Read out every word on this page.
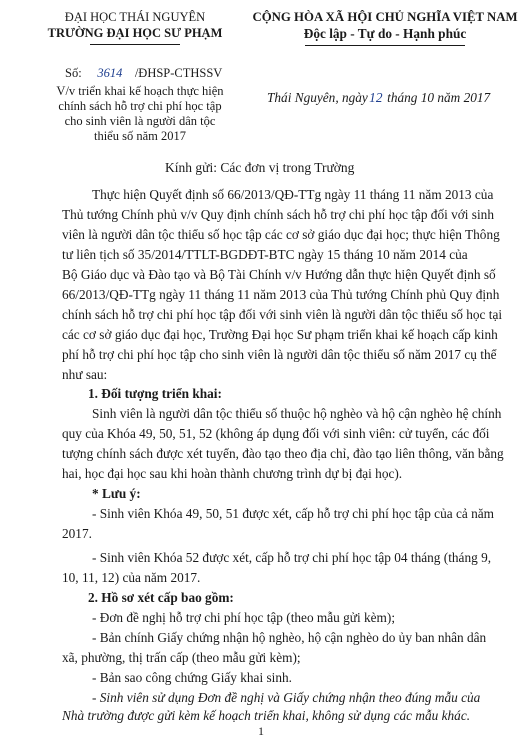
ĐẠI HỌC THÁI NGUYÊN
TRƯỜNG ĐẠI HỌC SƯ PHẠM
CỘNG HÒA XÃ HỘI CHỦ NGHĨA VIỆT NAM
Độc lập - Tự do - Hạnh phúc
Số: 3614 /ĐHSP-CTHSSV
V/v triển khai kế hoạch thực hiện
chính sách hỗ trợ chi phí học tập
cho sinh viên là người dân tộc
thiểu số năm 2017
Thái Nguyên, ngày12 tháng 10 năm 2017
Kính gửi: Các đơn vị trong Trường
Thực hiện Quyết định số 66/2013/QĐ-TTg ngày 11 tháng 11 năm 2013 của
Thủ tướng Chính phủ v/v Quy định chính sách hỗ trợ chi phí học tập đối với sinh
viên là người dân tộc thiểu số học tập các cơ sở giáo dục đại học; thực hiện Thông
tư liên tịch số 35/2014/TTLT-BGDĐT-BTC ngày 15 tháng 10 năm 2014 của
Bộ Giáo dục và Đào tạo và Bộ Tài Chính v/v Hướng dẫn thực hiện Quyết định số
66/2013/QĐ-TTg ngày 11 tháng 11 năm 2013 của Thủ tướng Chính phủ Quy định
chính sách hỗ trợ chi phí học tập đối với sinh viên là người dân tộc thiểu số học tại
các cơ sở giáo dục đại học, Trường Đại học Sư phạm triển khai kế hoạch cấp kinh
phí hỗ trợ chi phí học tập cho sinh viên là người dân tộc thiểu số năm 2017 cụ thể
như sau:
1. Đối tượng triển khai:
Sinh viên là người dân tộc thiểu số thuộc hộ nghèo và hộ cận nghèo hệ chính
quy của Khóa 49, 50, 51, 52 (không áp dụng đối với sinh viên: cử tuyển, các đối
tượng chính sách được xét tuyển, đào tạo theo địa chỉ, đào tạo liên thông, văn bằng
hai, học đại học sau khi hoàn thành chương trình dự bị đại học).
* Lưu ý:
- Sinh viên Khóa 49, 50, 51 được xét, cấp hỗ trợ chi phí học tập của cả năm
2017.
- Sinh viên Khóa 52 được xét, cấp hỗ trợ chi phí học tập 04 tháng (tháng 9,
10, 11, 12) của năm 2017.
2. Hồ sơ xét cấp bao gồm:
- Đơn đề nghị hỗ trợ chi phí học tập (theo mẫu gửi kèm);
- Bản chính Giấy chứng nhận hộ nghèo, hộ cận nghèo do ủy ban nhân dân
xã, phường, thị trấn cấp (theo mẫu gửi kèm);
- Bản sao công chứng Giấy khai sinh.
- Sinh viên sử dụng Đơn đề nghị và Giấy chứng nhận theo đúng mẫu của
Nhà trường được gửi kèm kế hoạch triển khai, không sử dụng các mẫu khác.
1
